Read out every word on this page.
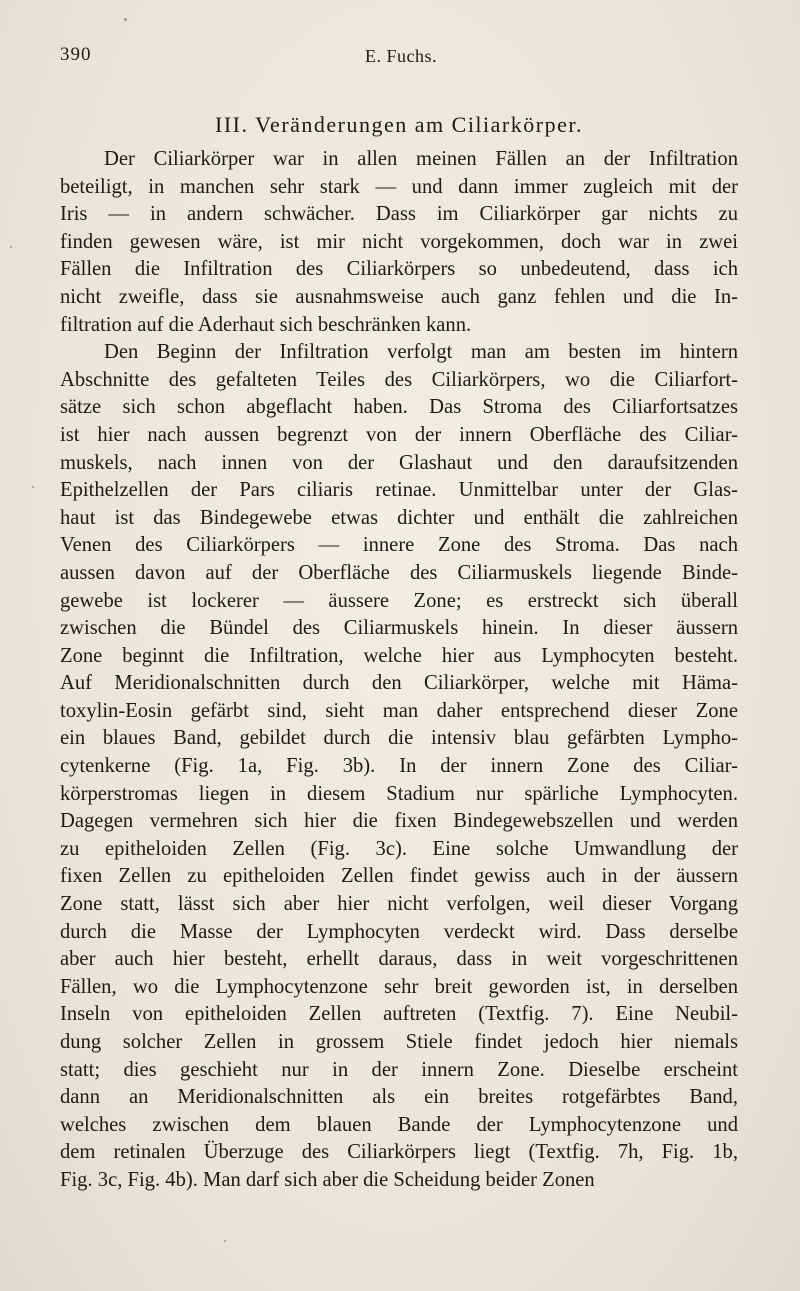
390	E. Fuchs.
III. Veränderungen am Ciliarkörper.
Der Ciliarkörper war in allen meinen Fällen an der Infiltration
beteiligt, in manchen sehr stark — und dann immer zugleich mit der
Iris — in andern schwächer. Dass im Ciliarkörper gar nichts zu
finden gewesen wäre, ist mir nicht vorgekommen, doch war in zwei
Fällen die Infiltration des Ciliarkörpers so unbedeutend, dass ich
nicht zweifle, dass sie ausnahmsweise auch ganz fehlen und die In-
filtration auf die Aderhaut sich beschränken kann.
Den Beginn der Infiltration verfolgt man am besten im hintern
Abschnitte des gefalteten Teiles des Ciliarkörpers, wo die Ciliarfort-
sätze sich schon abgeflacht haben. Das Stroma des Ciliarfortsatzes
ist hier nach aussen begrenzt von der innern Oberfläche des Ciliar-
muskels, nach innen von der Glashaut und den daraufsitzenden
Epithelzellen der Pars ciliaris retinae. Unmittelbar unter der Glas-
haut ist das Bindegewebe etwas dichter und enthält die zahlreichen
Venen des Ciliarkörpers — innere Zone des Stroma. Das nach
aussen davon auf der Oberfläche des Ciliarmuskels liegende Binde-
gewebe ist lockerer — äussere Zone; es erstreckt sich überall
zwischen die Bündel des Ciliarmuskels hinein. In dieser äussern
Zone beginnt die Infiltration, welche hier aus Lymphocyten besteht.
Auf Meridionalschnitten durch den Ciliarkörper, welche mit Häma-
toxylin-Eosin gefärbt sind, sieht man daher entsprechend dieser Zone
ein blaues Band, gebildet durch die intensiv blau gefärbten Lympho-
cytenkerne (Fig. 1a, Fig. 3b). In der innern Zone des Ciliar-
körperstromas liegen in diesem Stadium nur spärliche Lymphocyten.
Dagegen vermehren sich hier die fixen Bindegewebszellen und werden
zu epitheloiden Zellen (Fig. 3c). Eine solche Umwandlung der
fixen Zellen zu epitheloiden Zellen findet gewiss auch in der äussern
Zone statt, lässt sich aber hier nicht verfolgen, weil dieser Vorgang
durch die Masse der Lymphocyten verdeckt wird. Dass derselbe
aber auch hier besteht, erhellt daraus, dass in weit vorgeschrittenen
Fällen, wo die Lymphocytenzone sehr breit geworden ist, in derselben
Inseln von epitheloiden Zellen auftreten (Textfig. 7). Eine Neubil-
dung solcher Zellen in grossem Stiele findet jedoch hier niemals
statt; dies geschieht nur in der innern Zone. Dieselbe erscheint
dann an Meridionalschnitten als ein breites rotgefärbtes Band,
welches zwischen dem blauen Bande der Lymphocytenzone und
dem retinalen Überzuge des Ciliarkörpers liegt (Textfig. 7h, Fig. 1b,
Fig. 3c, Fig. 4b). Man darf sich aber die Scheidung beider Zonen
